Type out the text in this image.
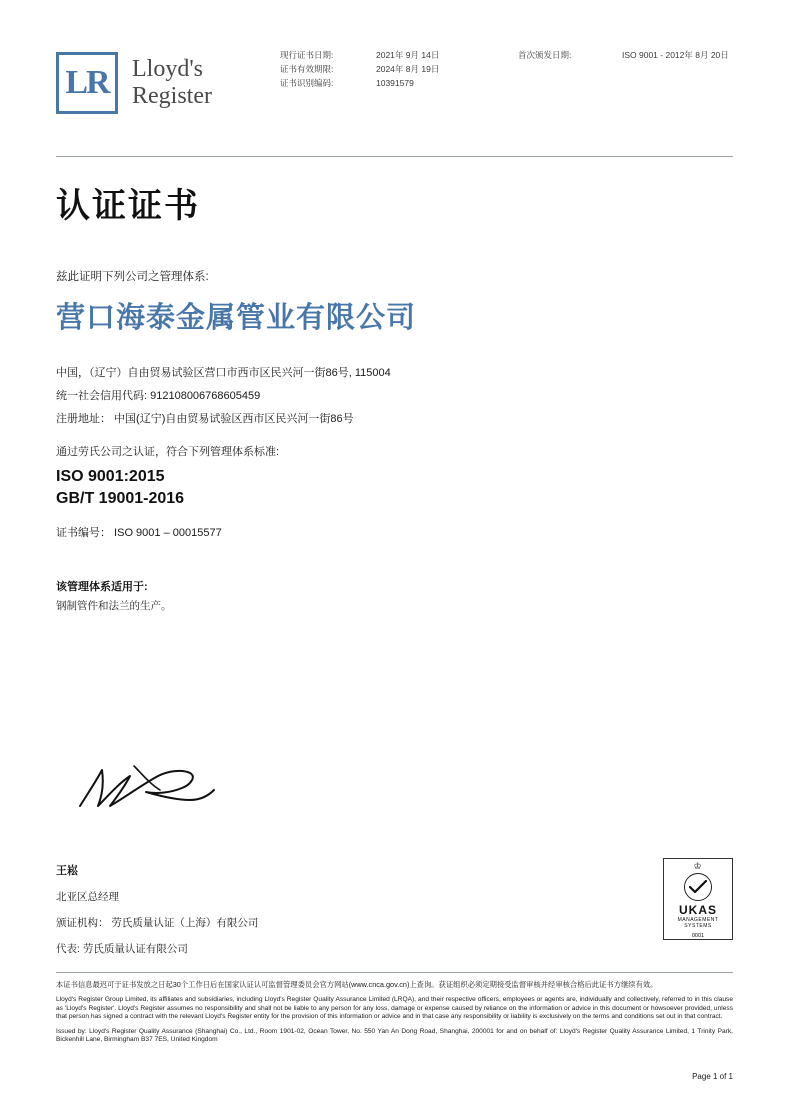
LR Lloyd's
Register
现行证书日期:
证书有效期限:
证书识别编码:
2021年 9月 14日
2024年 8月 19日
10391579
首次颁发日期:	ISO 9001 - 2012年 8月 20日
认证证书
兹此证明下列公司之管理体系:
营口海泰金属管业有限公司
中国，（辽宁）自由贸易试验区营口市西市区民兴河一街86号, 115004
统一社会信用代码: 912108006768605459
注册地址： 中国(辽宁)自由贸易试验区西市区民兴河一街86号
通过劳氏公司之认证，符合下列管理体系标准:
ISO 9001:2015
GB/T 19001-2016
证书编号： ISO 9001 – 00015577
该管理体系适用于:
钢制管件和法兰的生产。
王崧
北亚区总经理
颁证机构： 劳氏质量认证（上海）有限公司
代表: 劳氏质量认证有限公司
♔
UKAS
MANAGEMENT
SYSTEMS
0001

本证书信息最迟可于证书发放之日起30个工作日后在国家认证认可监督管理委员会官方网站(www.cnca.gov.cn)上查询。获证组织必须定期接受监督审核并经审核合格后此证书方继续有效。

Lloyd's Register Group Limited, its affiliates and subsidiaries, including Lloyd's Register Quality Assurance Limited (LRQA), and their respective officers, employees or agents are, individually and collectively, referred to in this clause as 'Lloyd's Register'. Lloyd's Register assumes no responsibility and shall not be liable to any person for any loss, damage or expense caused by reliance on the information or advice in this document or howsoever provided, unless that person has signed a contract with the relevant Lloyd's Register entity for the provision of this information or advice and in that case any responsibility or liability is exclusively on the terms and conditions set out in that contract.

Issued by: Lloyd's Register Quality Assurance (Shanghai) Co., Ltd., Room 1901-02, Ocean Tower, No. 550 Yan An Dong Road, Shanghai, 200001 for and on behalf of: Lloyd's Register Quality Assurance Limited, 1 Trinity Park, Bickenhill Lane, Birmingham B37 7ES, United Kingdom

Page 1 of 1
